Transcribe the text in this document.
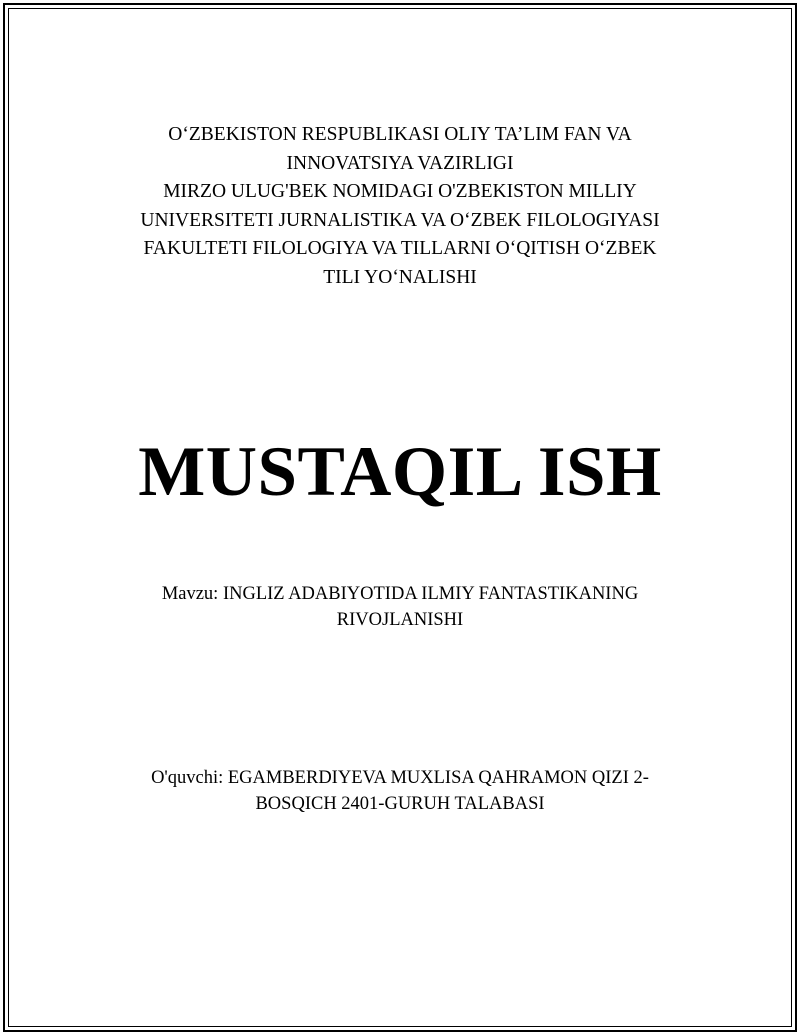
O‘ZBEKISTON RESPUBLIKASI OLIY TA’LIM FAN VA
INNOVATSIYA VAZIRLIGI
MIRZO ULUG'BEK NOMIDAGI O'ZBEKISTON MILLIY
UNIVERSITETI JURNALISTIKA VA O‘ZBEK FILOLOGIYASI
FAKULTETI FILOLOGIYA VA TILLARNI O‘QITISH O‘ZBEK
TILI YO‘NALISHI
MUSTAQIL ISH
Mavzu: INGLIZ ADABIYOTIDA ILMIY FANTASTIKANING
RIVOJLANISHI
O'quvchi: EGAMBERDIYEVA MUXLISA QAHRAMON QIZI 2-
BOSQICH 2401-GURUH TALABASI
